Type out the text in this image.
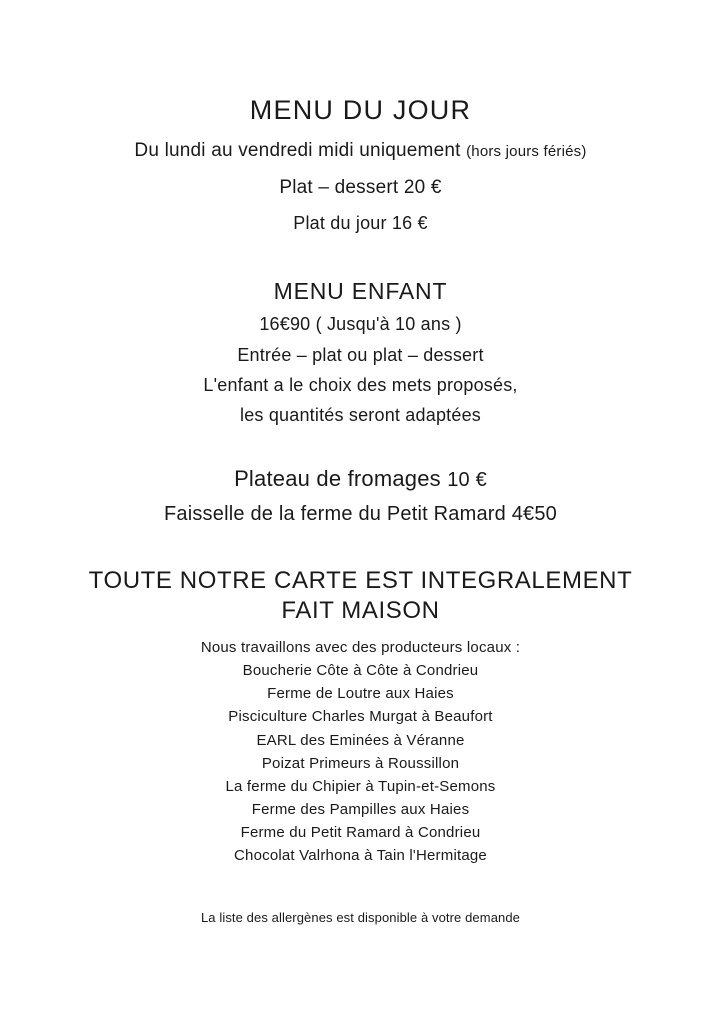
MENU DU JOUR
Du lundi au vendredi midi uniquement (hors jours fériés)
Plat – dessert 20 €
Plat du jour 16 €
MENU ENFANT
16€90 ( Jusqu'à 10 ans )
Entrée – plat ou plat – dessert
L'enfant a le choix des mets proposés,
les quantités seront adaptées
Plateau de fromages 10 €
Faisselle de la ferme du Petit Ramard 4€50
TOUTE NOTRE CARTE EST INTEGRALEMENT
FAIT MAISON
Nous travaillons avec des producteurs locaux :
Boucherie Côte à Côte à Condrieu
Ferme de Loutre aux Haies
Pisciculture Charles Murgat à Beaufort
EARL des Eminées à Véranne
Poizat Primeurs à Roussillon
La ferme du Chipier à Tupin-et-Semons
Ferme des Pampilles aux Haies
Ferme du Petit Ramard à Condrieu
Chocolat Valrhona à Tain l'Hermitage
La liste des allergènes est disponible à votre demande
